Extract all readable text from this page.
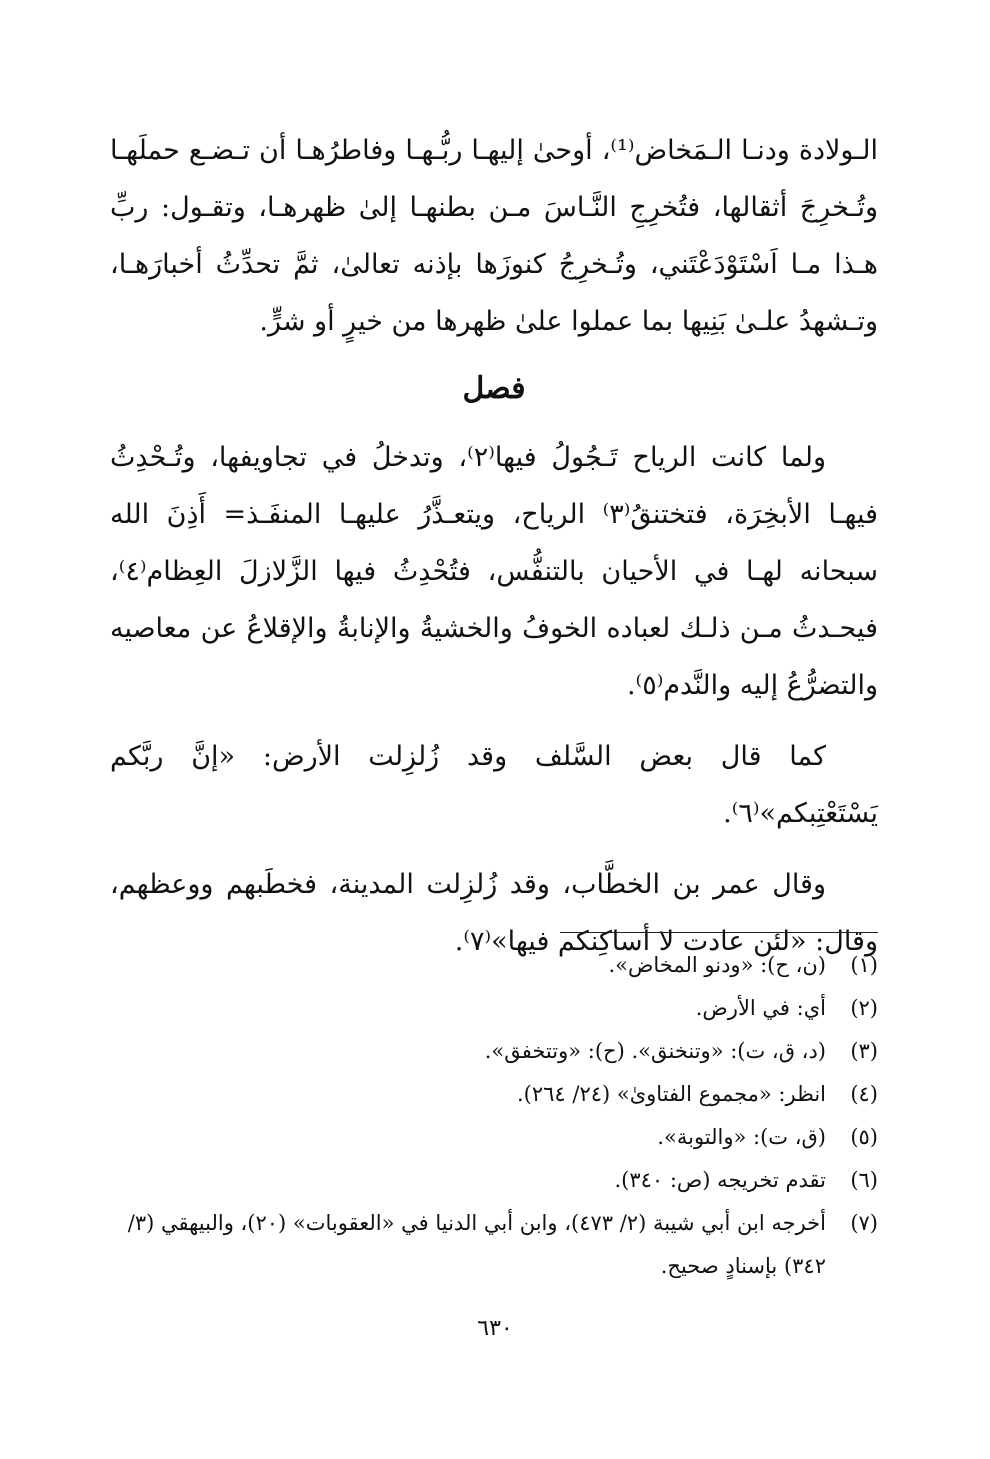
الـولادة ودنـا الـمَخاض⁽¹⁾، أوحىٰ إليهـا ربُّـهـا وفاطرُهـا أن تـضـع حملَهـا وتُـخرِجَ أثقالها، فتُخرِجِ النَّـاسَ مـن بطنهـا إلىٰ ظهرهـا، وتقـول: ربِّ هـذا مـا اَسْتَوْدَعْتَني، وتُـخرِجُ كنوزَها بإذنه تعالىٰ، ثمَّ تحدِّثُ أخبارَهـا، وتـشهدُ علـىٰ بَنِيها بما عملوا علىٰ ظهرها من خيرٍ أو شرٍّ.

فصل

ولما كانت الرياح تَـجُولُ فيها⁽٢⁾، وتدخلُ في تجاويفها، وتُـحْدِثُ فيهـا الأبخِرَة، فتختنقُ⁽٣⁾ الرياح، ويتعـذَّرُ عليهـا المنفَـذ= أَذِنَ الله سبحانه لهـا في الأحيان بالتنفُّس، فتُحْدِثُ فيها الزَّلازلَ العِظام⁽٤⁾، فيحـدثُ مـن ذلـك لعباده الخوفُ والخشيةُ والإنابةُ والإقلاعُ عن معاصيه والتضرُّعُ إليه والنَّدم⁽٥⁾.

كما قال بعض السَّلف وقد زُلزِلت الأرض: «إنَّ ربَّكم يَسْتَعْتِبكم»⁽٦⁾.

وقال عمر بن الخطَّاب، وقد زُلزِلت المدينة، فخطَبهم ووعظهم، وقال: «لئن عادت لا أساكِنكم فيها»⁽٧⁾.

(١)
(ن، ح): «ودنو المخاض».
(٢)
أي: في الأرض.
(٣)
(د، ق، ت): «وتنخنق». (ح): «وتتخفق».
(٤)
انظر: «مجموع الفتاوىٰ» (٢٤/ ٢٦٤).
(٥)
(ق، ت): «والتوبة».
(٦)
تقدم تخريجه (ص: ٣٤٠).
(٧)
أخرجه ابن أبي شيبة (٢/ ٤٧٣)، وابن أبي الدنيا في «العقوبات» (٢٠)، والبيهقي (٣/ ٣٤٢) بإسنادٍ صحيح.
٦٣٠
